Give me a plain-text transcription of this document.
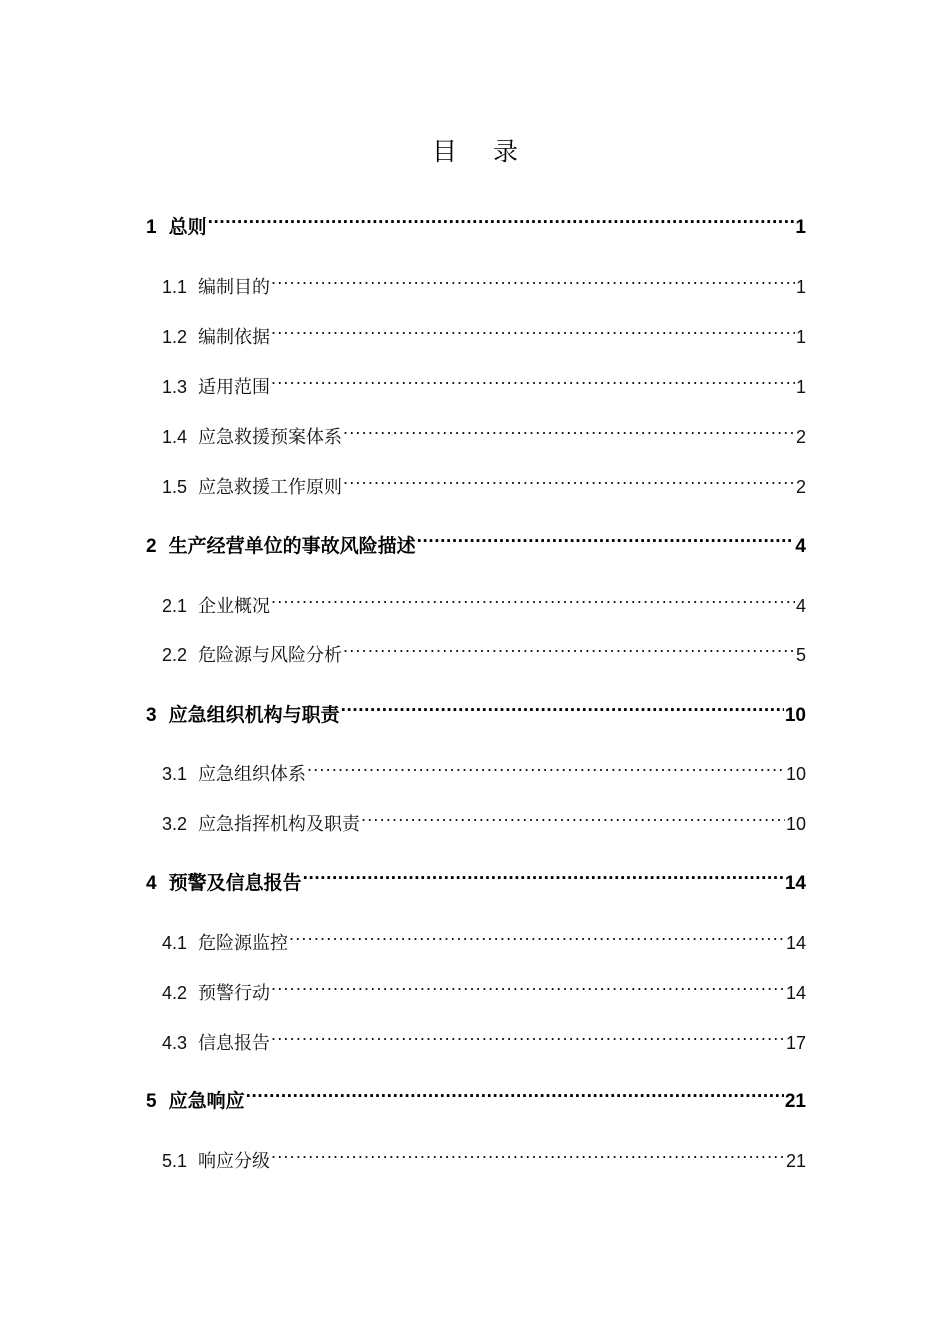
目 录
1 总则 .....	1
1.1 编制目的 .....	1
1.2 编制依据 .....	1
1.3 适用范围 .....	1
1.4 应急救援预案体系 .....	2
1.5 应急救援工作原则 .....	2
2 生产经营单位的事故风险描述 .....	4
2.1 企业概况 .....	4
2.2 危险源与风险分析 .....	5
3 应急组织机构与职责 .....	10
3.1 应急组织体系 .....	10
3.2 应急指挥机构及职责 .....	10
4 预警及信息报告 .....	14
4.1 危险源监控 .....	14
4.2 预警行动 .....	14
4.3 信息报告 .....	17
5 应急响应 .....	21
5.1 响应分级 .....	21
